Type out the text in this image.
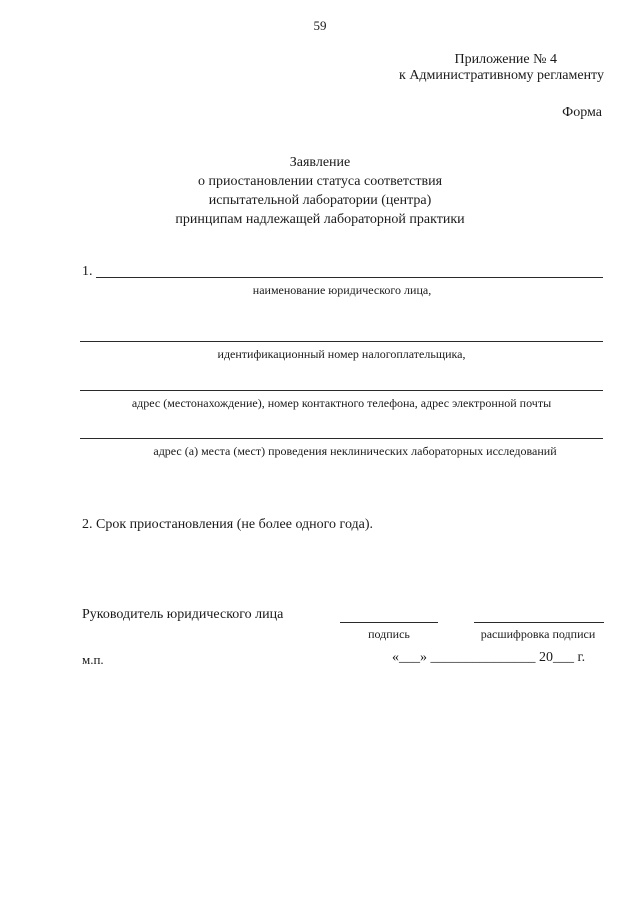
59
Приложение № 4
к Административному регламенту
Форма
Заявление
о приостановлении статуса соответствия
испытательной лаборатории (центра)
принципам надлежащей лабораторной практики
1.
наименование юридического лица,
идентификационный номер налогоплательщика,
адрес (местонахождение), номер контактного телефона, адрес электронной почты
адрес (а) места (мест) проведения неклинических лабораторных исследований
2. Срок приостановления (не более одного года).
Руководитель юридического лица
подпись	расшифровка подписи
м.п.	«___» _______________ 20___ г.
